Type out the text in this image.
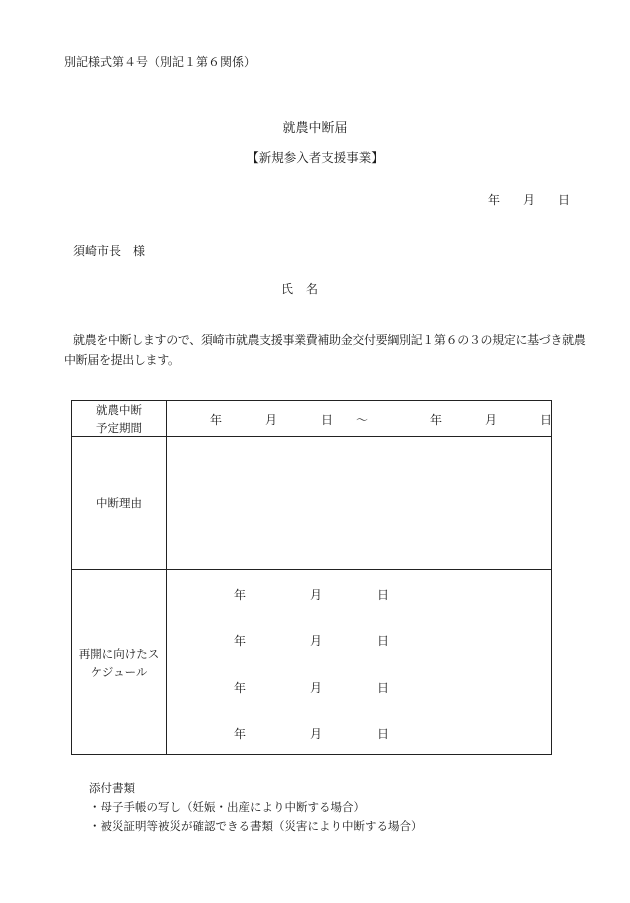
別記様式第４号（別記１第６関係）
就農中断届
【新規参入者支援事業】
年 月 日
須崎市長　様
氏 名
就農を中断しますので、須崎市就農支援事業費補助金交付要綱別記１第６の３の規定に基づき就農中断届を提出します。
就農中断
予定期間
年	月	日 ～	年	月	日
中断理由
再開に向けたス
ケジュール
年	月	日
年	月	日
年	月	日
年	月	日
添付書類
・母子手帳の写し（妊娠・出産により中断する場合）
・被災証明等被災が確認できる書類（災害により中断する場合）
